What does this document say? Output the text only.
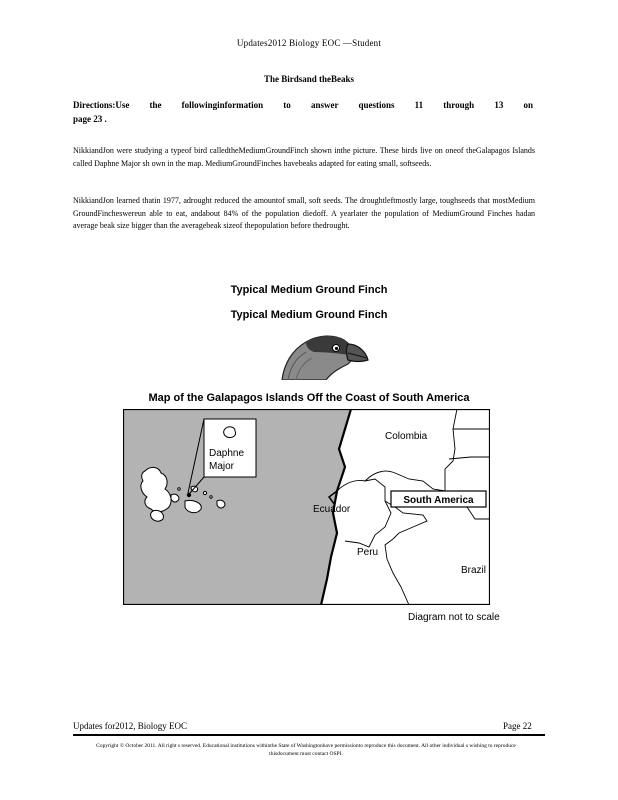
Updates2012 Biology EOC —Student
The Birdsand theBeaks
Directions:Use the followinginformation to answer questions 11 through 13 on
page 23 .
NikkiandJon were studying a typeof bird calledtheMediumGroundFinch shown inthe picture. These birds live on oneof theGalapagos Islands called Daphne Major sh own in the map. MediumGroundFinches havebeaks adapted for eating small, softseeds.
NikkiandJon learned thatin 1977, adrought reduced the amountof small, soft seeds. The droughtleftmostly large, toughseeds that mostMedium GroundFincheswereun able to eat, andabout 84% of the population diedoff. A yearlater the population of MediumGround Finches hadan average beak size bigger than the averagebeak sizeof thepopulation before thedrought.
Typical Medium Ground Finch
Typical Medium Ground Finch
Map of the Galapagos Islands Off the Coast of South America
South America
Colombia
Ecuador
Peru
Brazil
Daphne
Major
Diagram not to scale
Updates for2012, Biology EOC	Page 22
Copyright © October 2011. All right s reserved. Educational institutions withinthe State of Washingtonhave permissionto reproduce this document. All other individual s wishing to reproduce thisdocument must contact OSPI.
